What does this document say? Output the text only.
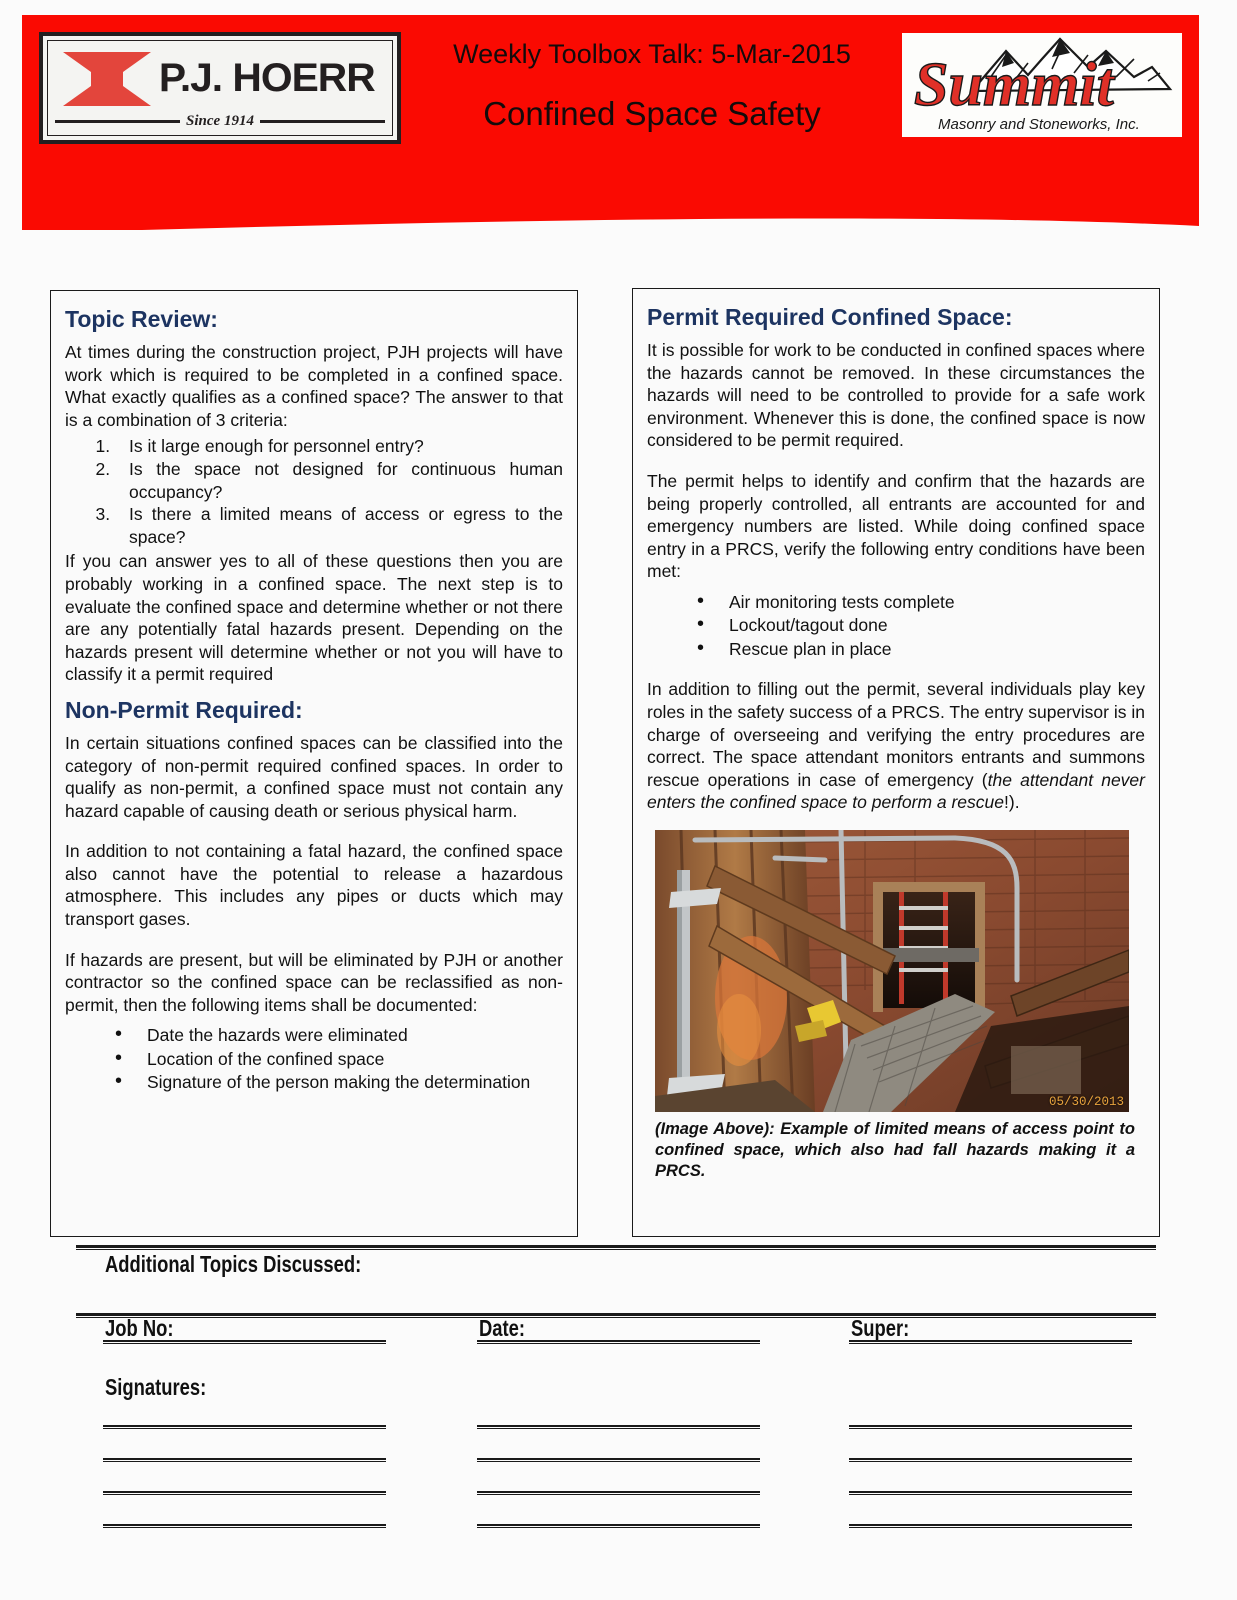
P.J. HOERR
Since 1914
Weekly Toolbox Talk: 5-Mar-2015
Confined Space Safety	Summit
Masonry and Stoneworks, Inc.
Topic Review:

At times during the construction project, PJH projects will have work which is required to be completed in a confined space. What exactly qualifies as a confined space? The answer to that is a combination of 3 criteria:

1. Is it large enough for personnel entry?
2. Is the space not designed for continuous human occupancy?
3. Is there a limited means of access or egress to the space?

If you can answer yes to all of these questions then you are probably working in a confined space. The next step is to evaluate the confined space and determine whether or not there are any potentially fatal hazards present. Depending on the hazards present will determine whether or not you will have to classify it a permit required

Non-Permit Required:

In certain situations confined spaces can be classified into the category of non-permit required confined spaces. In order to qualify as non-permit, a confined space must not contain any hazard capable of causing death or serious physical harm.

In addition to not containing a fatal hazard, the confined space also cannot have the potential to release a hazardous atmosphere. This includes any pipes or ducts which may transport gases.

If hazards are present, but will be eliminated by PJH or another contractor so the confined space can be reclassified as non-permit, then the following items shall be documented:

• Date the hazards were eliminated
• Location of the confined space
• Signature of the person making the determination
Permit Required Confined Space:

It is possible for work to be conducted in confined spaces where the hazards cannot be removed. In these circumstances the hazards will need to be controlled to provide for a safe work environment. Whenever this is done, the confined space is now considered to be permit required.

The permit helps to identify and confirm that the hazards are being properly controlled, all entrants are accounted for and emergency numbers are listed. While doing confined space entry in a PRCS, verify the following entry conditions have been met:

• Air monitoring tests complete
• Lockout/tagout done
• Rescue plan in place

In addition to filling out the permit, several individuals play key roles in the safety success of a PRCS. The entry supervisor is in charge of overseeing and verifying the entry procedures are correct. The space attendant monitors entrants and summons rescue operations in case of emergency (the attendant never enters the confined space to perform a rescue!).

05/30/2013
(Image Above): Example of limited means of access point to confined space, which also had fall hazards making it a PRCS.
Additional Topics Discussed:
Job No:	Date:	Super:
Signatures:
